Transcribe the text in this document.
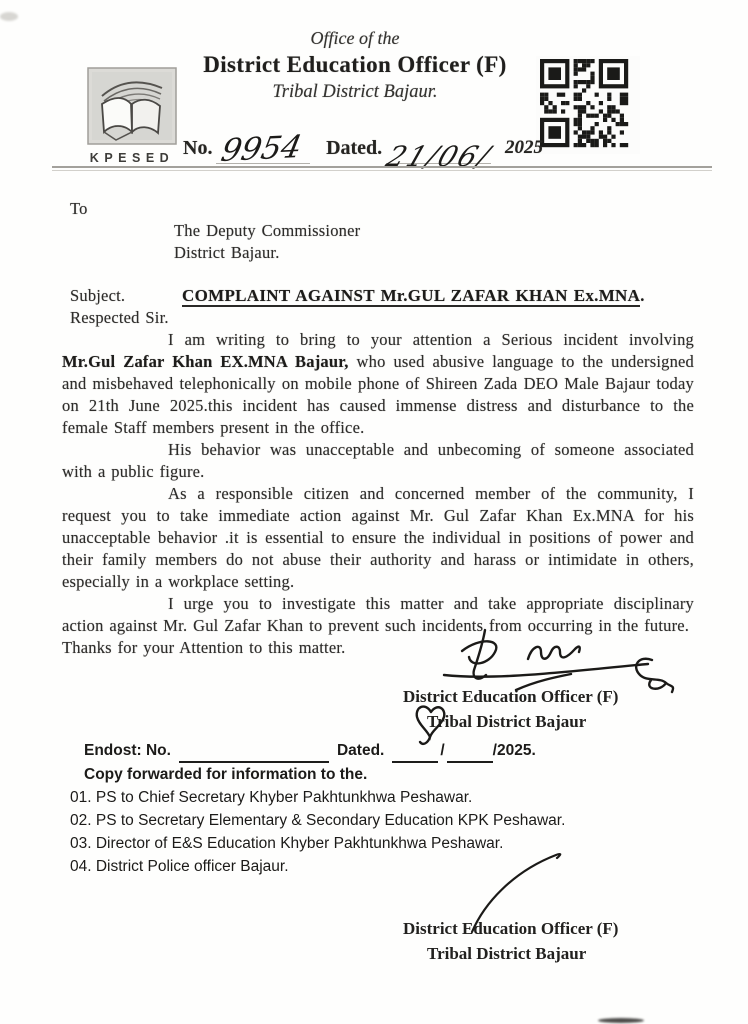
KPESED
Office of the
District Education Officer (F)
Tribal District Bajaur.
No. 9954 Dated. 21/06/ 2025
To
The Deputy Commissioner
District Bajaur.
Subject.	COMPLAINT AGAINST Mr.GUL ZAFAR KHAN Ex.MNA.
Respected Sir.

I am writing to bring to your attention a Serious incident involving Mr.Gul Zafar Khan EX.MNA Bajaur, who used abusive language to the undersigned and misbehaved telephonically on mobile phone of Shireen Zada DEO Male Bajaur today on 21th June 2025.this incident has caused immense distress and disturbance to the female Staff members present in the office.

His behavior was unacceptable and unbecoming of someone associated with a public figure.

As a responsible citizen and concerned member of the community, I request you to take immediate action against Mr. Gul Zafar Khan Ex.MNA for his unacceptable behavior .it is essential to ensure the individual in positions of power and their family members do not abuse their authority and harass or intimidate in others, especially in a workplace setting.

I urge you to investigate this matter and take appropriate disciplinary action against Mr. Gul Zafar Khan to prevent such incidents from occurring in the future.

Thanks for your Attention to this matter.
District Education Officer (F)
Tribal District Bajaur
Endost: No.	Dated.	/	/2025.
Copy forwarded for information to the.
01. PS to Chief Secretary Khyber Pakhtunkhwa Peshawar.
02. PS to Secretary Elementary & Secondary Education KPK Peshawar.
03. Director of E&S Education Khyber Pakhtunkhwa Peshawar.
04. District Police officer Bajaur.
District Education Officer (F)
Tribal District Bajaur
